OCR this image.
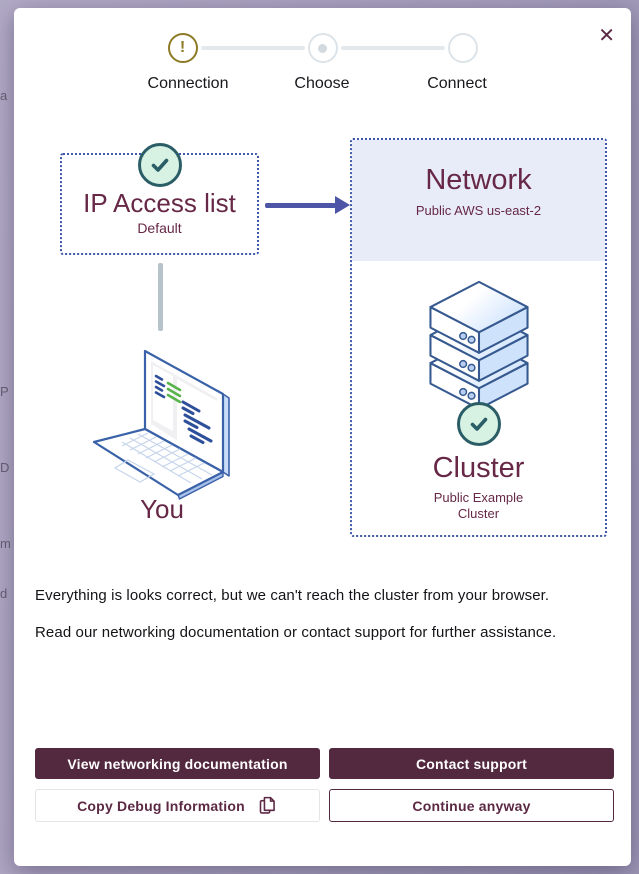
a
P
D
m
d
✕
!
Connection	Choose	Connect
IP Access list
Default
You
Network
Public AWS us-east-2
Cluster
Public Example Cluster

Everything is looks correct, but we can't reach the cluster from your browser.

Read our networking documentation or contact support for further assistance.

View networking documentation	Contact support
Copy Debug Information	Continue anyway
